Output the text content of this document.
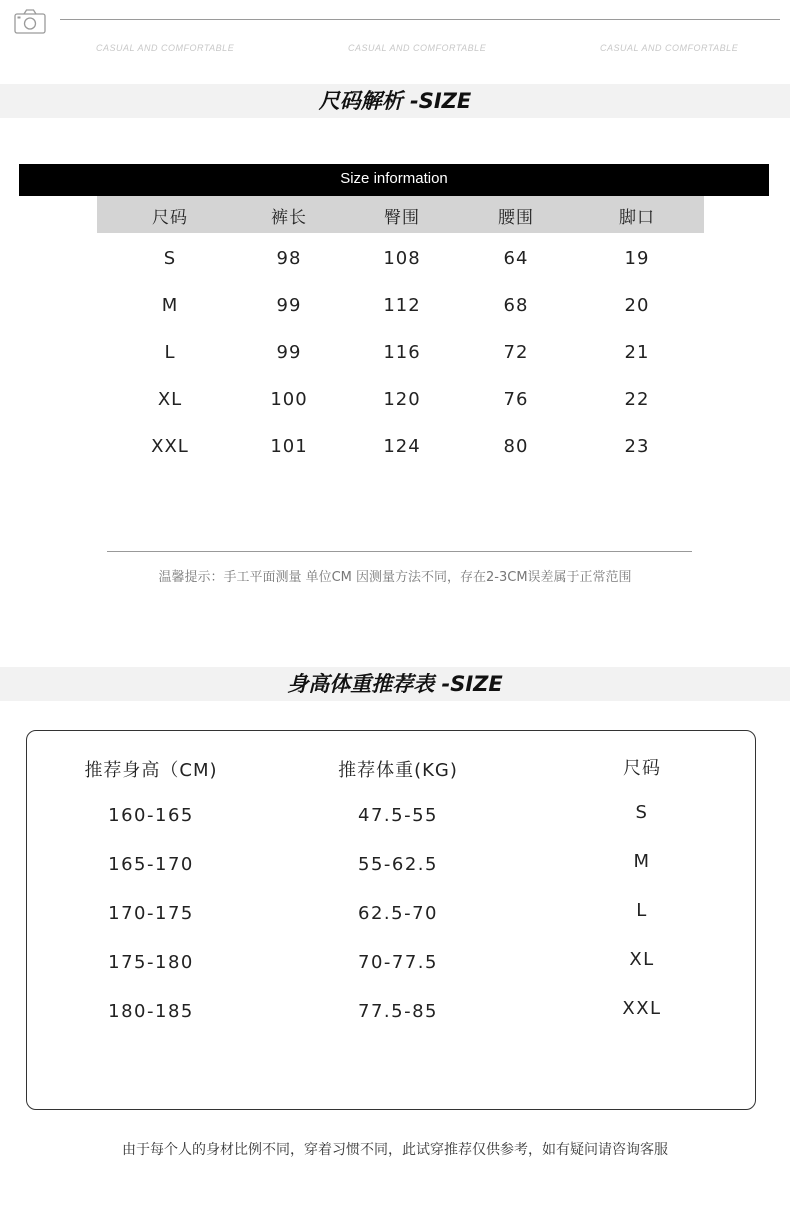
CASUAL AND COMFORTABLE	CASUAL AND COMFORTABLE	CASUAL AND COMFORTABLE
尺码解析 -SIZE
Size information
尺码	裤长	臀围	腰围	脚口
S	98	108	64	19
M	99	112	68	20
L	99	116	72	21
XL	100	120	76	22
XXL	101	124	80	23
温馨提示：手工平面测量 单位CM 因测量方法不同，存在2-3CM误差属于正常范围
身高体重推荐表 -SIZE
推荐身高（CM)	推荐体重(KG)	尺码
160-165	47.5-55	S
165-170	55-62.5	M
170-175	62.5-70	L
175-180	70-77.5	XL
180-185	77.5-85	XXL
由于每个人的身材比例不同，穿着习惯不同，此试穿推荐仅供参考，如有疑问请咨询客服
